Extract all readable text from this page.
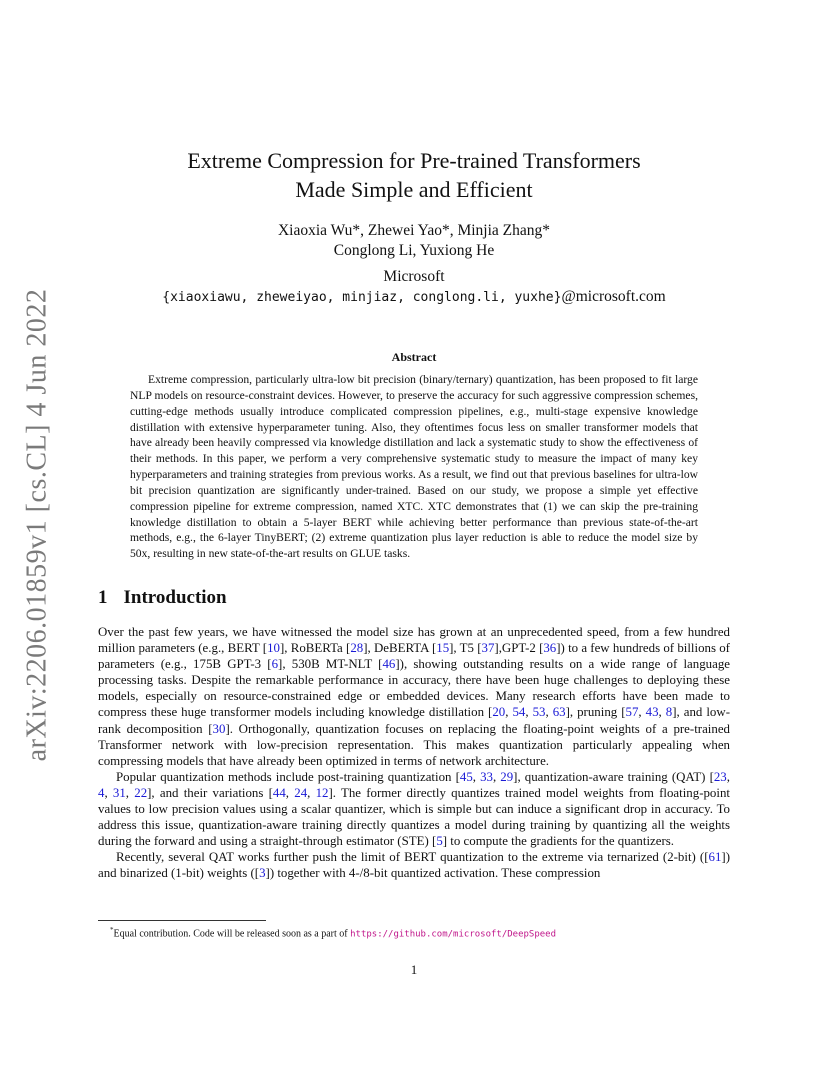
arXiv:2206.01859v1 [cs.CL] 4 Jun 2022
Extreme Compression for Pre-trained Transformers
Made Simple and Efficient
Xiaoxia Wu*, Zhewei Yao*, Minjia Zhang*
Conglong Li, Yuxiong He
Microsoft
{xiaoxiawu, zheweiyao, minjiaz, conglong.li, yuxhe}@microsoft.com
Abstract
Extreme compression, particularly ultra-low bit precision (binary/ternary) quantization, has been proposed to fit large NLP models on resource-constraint devices. However, to preserve the accuracy for such aggressive compression schemes, cutting-edge methods usually introduce complicated compression pipelines, e.g., multi-stage expensive knowledge distillation with extensive hyperparameter tuning. Also, they oftentimes focus less on smaller transformer models that have already been heavily compressed via knowledge distillation and lack a systematic study to show the effectiveness of their methods. In this paper, we perform a very comprehensive systematic study to measure the impact of many key hyperparameters and training strategies from previous works. As a result, we find out that previous baselines for ultra-low bit precision quantization are significantly under-trained. Based on our study, we propose a simple yet effective compression pipeline for extreme compression, named XTC. XTC demonstrates that (1) we can skip the pre-training knowledge distillation to obtain a 5-layer BERT while achieving better performance than previous state-of-the-art methods, e.g., the 6-layer TinyBERT; (2) extreme quantization plus layer reduction is able to reduce the model size by 50x, resulting in new state-of-the-art results on GLUE tasks.
1 Introduction

Over the past few years, we have witnessed the model size has grown at an unprecedented speed, from a few hundred million parameters (e.g., BERT [10], RoBERTa [28], DeBERTA [15], T5 [37],GPT-2 [36]) to a few hundreds of billions of parameters (e.g., 175B GPT-3 [6], 530B MT-NLT [46]), showing outstanding results on a wide range of language processing tasks. Despite the remarkable performance in accuracy, there have been huge challenges to deploying these models, especially on resource-constrained edge or embedded devices. Many research efforts have been made to compress these huge transformer models including knowledge distillation [20, 54, 53, 63], pruning [57, 43, 8], and low-rank decomposition [30]. Orthogonally, quantization focuses on replacing the floating-point weights of a pre-trained Transformer network with low-precision representation. This makes quantization particularly appealing when compressing models that have already been optimized in terms of network architecture.

Popular quantization methods include post-training quantization [45, 33, 29], quantization-aware training (QAT) [23, 4, 31, 22], and their variations [44, 24, 12]. The former directly quantizes trained model weights from floating-point values to low precision values using a scalar quantizer, which is simple but can induce a significant drop in accuracy. To address this issue, quantization-aware training directly quantizes a model during training by quantizing all the weights during the forward and using a straight-through estimator (STE) [5] to compute the gradients for the quantizers.

Recently, several QAT works further push the limit of BERT quantization to the extreme via ternarized (2-bit) ([61]) and binarized (1-bit) weights ([3]) together with 4-/8-bit quantized activation. These compression

*Equal contribution. Code will be released soon as a part of https://github.com/microsoft/DeepSpeed
1
